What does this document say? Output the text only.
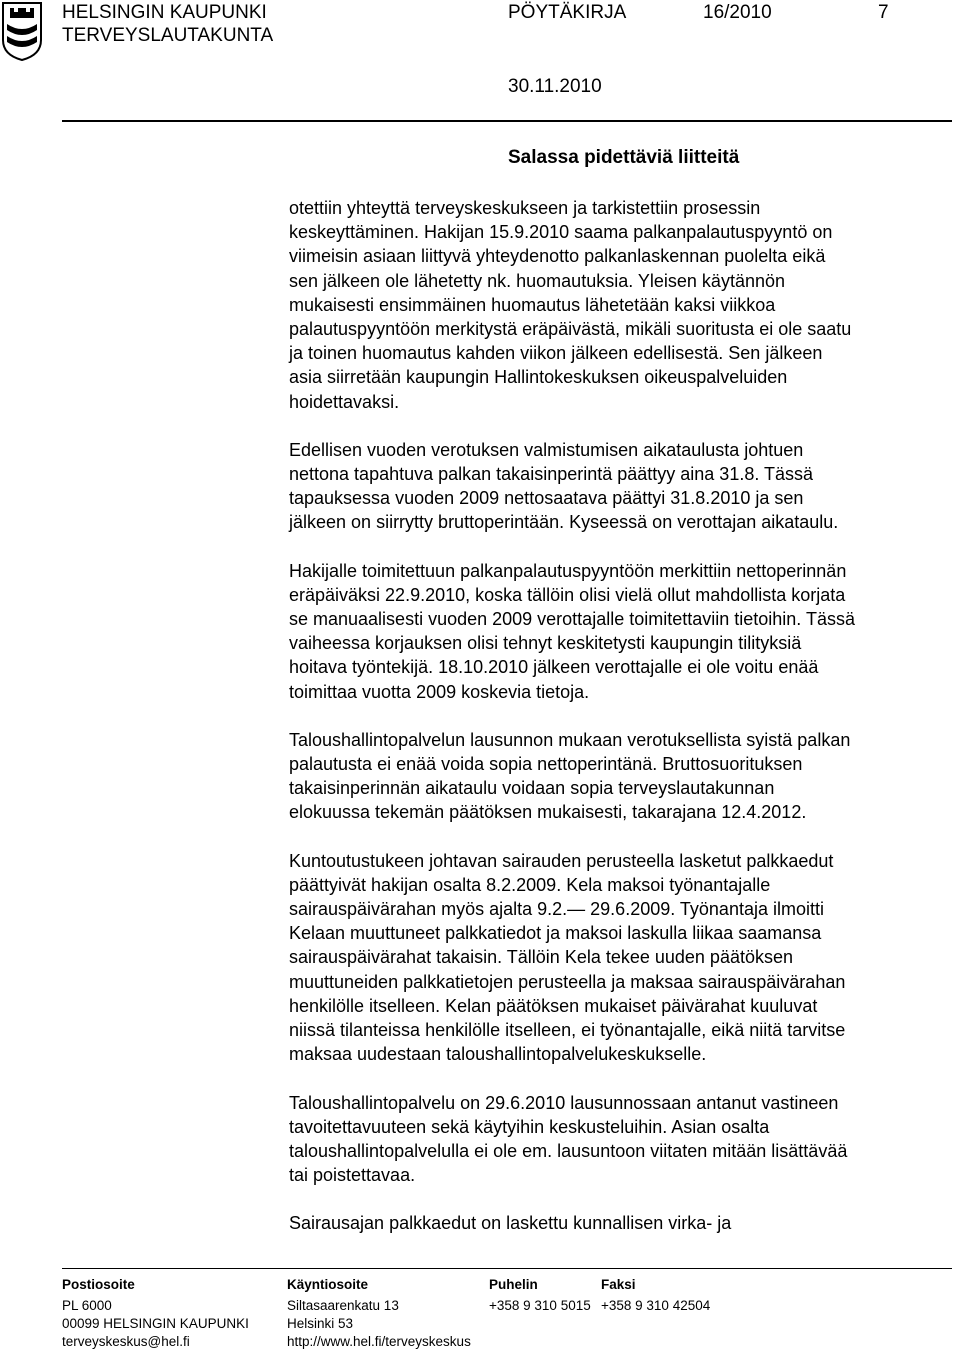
HELSINGIN KAUPUNKI
TERVEYSLAUTAKUNTA
PÖYTÄKIRJA	16/2010	7
30.11.2010
Salassa pidettäviä liitteitä

otettiin yhteyttä terveyskeskukseen ja tarkistettiin prosessin
keskeyttäminen. Hakijan 15.9.2010 saama palkanpalautuspyyntö on
viimeisin asiaan liittyvä yhteydenotto palkanlaskennan puolelta eikä
sen jälkeen ole lähetetty nk. huomautuksia. Yleisen käytännön
mukaisesti ensimmäinen huomautus lähetetään kaksi viikkoa
palautuspyyntöön merkitystä eräpäivästä, mikäli suoritusta ei ole saatu
ja toinen huomautus kahden viikon jälkeen edellisestä. Sen jälkeen
asia siirretään kaupungin Hallintokeskuksen oikeuspalveluiden
hoidettavaksi.

Edellisen vuoden verotuksen valmistumisen aikataulusta johtuen
nettona tapahtuva palkan takaisinperintä päättyy aina 31.8. Tässä
tapauksessa vuoden 2009 nettosaatava päättyi 31.8.2010 ja sen
jälkeen on siirrytty bruttoperintään. Kyseessä on verottajan aikataulu.

Hakijalle toimitettuun palkanpalautuspyyntöön merkittiin nettoperinnän
eräpäiväksi 22.9.2010, koska tällöin olisi vielä ollut mahdollista korjata
se manuaalisesti vuoden 2009 verottajalle toimitettaviin tietoihin. Tässä
vaiheessa korjauksen olisi tehnyt keskitetysti kaupungin tilityksiä
hoitava työntekijä. 18.10.2010 jälkeen verottajalle ei ole voitu enää
toimittaa vuotta 2009 koskevia tietoja.

Taloushallintopalvelun lausunnon mukaan verotuksellista syistä palkan
palautusta ei enää voida sopia nettoperintänä. Bruttosuorituksen
takaisinperinnän aikataulu voidaan sopia terveyslautakunnan
elokuussa tekemän päätöksen mukaisesti, takarajana 12.4.2012.

Kuntoutustukeen johtavan sairauden perusteella lasketut palkkaedut
päättyivät hakijan osalta 8.2.2009. Kela maksoi työnantajalle
sairauspäivärahan myös ajalta 9.2.— 29.6.2009. Työnantaja ilmoitti
Kelaan muuttuneet palkkatiedot ja maksoi laskulla liikaa saamansa
sairauspäivärahat takaisin. Tällöin Kela tekee uuden päätöksen
muuttuneiden palkkatietojen perusteella ja maksaa sairauspäivärahan
henkilölle itselleen. Kelan päätöksen mukaiset päivärahat kuuluvat
niissä tilanteissa henkilölle itselleen, ei työnantajalle, eikä niitä tarvitse
maksaa uudestaan taloushallintopalvelukeskukselle.

Taloushallintopalvelu on 29.6.2010 lausunnossaan antanut vastineen
tavoitettavuuteen sekä käytyihin keskusteluihin. Asian osalta
taloushallintopalvelulla ei ole em. lausuntoon viitaten mitään lisättävää
tai poistettavaa.

Sairausajan palkkaedut on laskettu kunnallisen virka- ja

Postiosoite
PL 6000
00099 HELSINGIN KAUPUNKI
terveyskeskus@hel.fi
Käyntiosoite
Siltasaarenkatu 13
Helsinki 53
http://www.hel.fi/terveyskeskus
Puhelin
+358 9 310 5015
Faksi
+358 9 310 42504
